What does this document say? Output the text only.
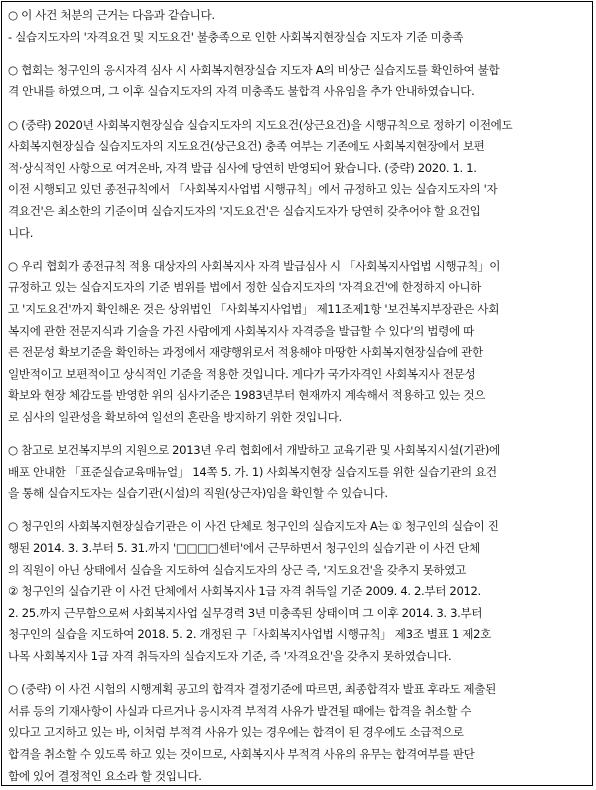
○ 이 사건 처분의 근거는 다음과 같습니다.
- 실습지도자의 '자격요건 및 지도요건' 불충족으로 인한 사회복지현장실습 지도자 기준 미충족

○ 협회는 청구인의 응시자격 심사 시 사회복지현장실습 지도자 A의 비상근 실습지도를 확인하여 불합
격 안내를 하였으며, 그 이후 실습지도자의 자격 미충족도 불합격 사유임을 추가 안내하였습니다.

○ (중략) 2020년 사회복지현장실습 실습지도자의 지도요건(상근요건)을 시행규칙으로 정하기 이전에도
사회복지현장실습 실습지도자의 지도요건(상근요건) 충족 여부는 기존에도 사회복지현장에서 보편
적·상식적인 사항으로 여겨온바, 자격 발급 심사에 당연히 반영되어 왔습니다. (중략) 2020. 1. 1.
이전 시행되고 있던 종전규칙에서 「사회복지사업법 시행규칙」에서 규정하고 있는 실습지도자의 '자
격요건'은 최소한의 기준이며 실습지도자의 '지도요건'은 실습지도자가 당연히 갖추어야 할 요건입
니다.

○ 우리 협회가 종전규칙 적용 대상자의 사회복지사 자격 발급심사 시 「사회복지사업법 시행규칙」이
규정하고 있는 실습지도자의 기준 범위를 법에서 정한 실습지도자의 '자격요건'에 한정하지 아니하
고 '지도요건'까지 확인해온 것은 상위법인 「사회복지사업법」 제11조제1항 '보건복지부장관은 사회
복지에 관한 전문지식과 기술을 가진 사람에게 사회복지사 자격증을 발급할 수 있다'의 법령에 따
른 전문성 확보기준을 확인하는 과정에서 재량행위로서 적용해야 마땅한 사회복지현장실습에 관한
일반적이고 보편적이고 상식적인 기준을 적용한 것입니다. 게다가 국가자격인 사회복지사 전문성
확보와 현장 체감도를 반영한 위의 심사기준은 1983년부터 현재까지 계속해서 적용하고 있는 것으
로 심사의 일관성을 확보하여 일선의 혼란을 방지하기 위한 것입니다.

○ 참고로 보건복지부의 지원으로 2013년 우리 협회에서 개발하고 교육기관 및 사회복지시설(기관)에
배포 안내한 「표준실습교육매뉴얼」 14쪽 5. 가. 1) 사회복지현장 실습지도를 위한 실습기관의 요건
을 통해 실습지도자는 실습기관(시설)의 직원(상근자)임을 확인할 수 있습니다.

○ 청구인의 사회복지현장실습기관은 이 사건 단체로 청구인의 실습지도자 A는 ① 청구인의 실습이 진
행된 2014. 3. 3.부터 5. 31.까지 '□□□□센터'에서 근무하면서 청구인의 실습기관 이 사건 단체
의 직원이 아닌 상태에서 실습을 지도하여 실습지도자의 상근 즉, '지도요건'을 갖추지 못하였고
② 청구인의 실습기관 이 사건 단체에서 사회복지사 1급 자격 취득일 기준 2009. 4. 2.부터 2012.
2. 25.까지 근무함으로써 사회복지사업 실무경력 3년 미충족된 상태이며 그 이후 2014. 3. 3.부터
청구인의 실습을 지도하여 2018. 5. 2. 개정된 구「사회복지사업법 시행규칙」 제3조 별표 1 제2호
나목 사회복지사 1급 자격 취득자의 실습지도자 기준, 즉 '자격요건'을 갖추지 못하였습니다.

○ (중략) 이 사건 시험의 시행계획 공고의 합격자 결정기준에 따르면, 최종합격자 발표 후라도 제출된
서류 등의 기재사항이 사실과 다르거나 응시자격 부적격 사유가 발견될 때에는 합격을 취소할 수
있다고 고지하고 있는 바, 이처럼 부적격 사유가 있는 경우에는 합격이 된 경우에도 소급적으로
합격을 취소할 수 있도록 하고 있는 것이므로, 사회복지사 부적격 사유의 유무는 합격여부를 판단
함에 있어 결정적인 요소라 할 것입니다.
